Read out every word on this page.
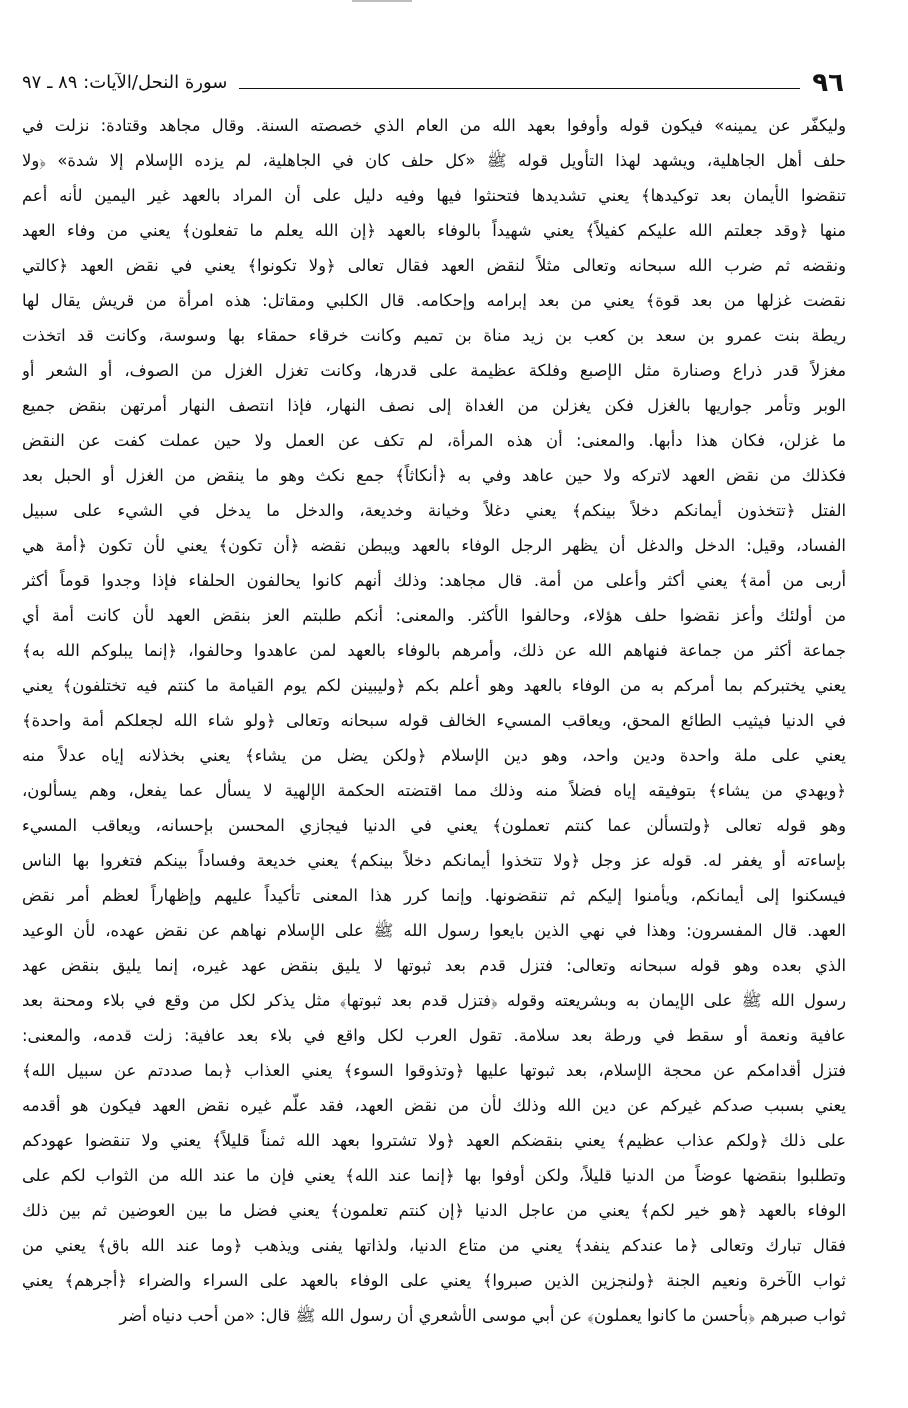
٩٦
سورة النحل/الآيات: ٨٩ ـ ٩٧
وليكفّر عن يمينه» فيكون قوله وأوفوا بعهد الله من العام الذي خصصته السنة. وقال مجاهد وقتادة: نزلت في
حلف أهل الجاهلية، ويشهد لهذا التأويل قوله ﷺ «كل حلف كان في الجاهلية، لم يزده الإسلام إلا شدة» ﴿ولا
تنقضوا الأيمان بعد توكيدها﴾ يعني تشديدها فتحنثوا فيها وفيه دليل على أن المراد بالعهد غير اليمين لأنه أعم
منها ﴿وقد جعلتم الله عليكم كفيلاً﴾ يعني شهيداً بالوفاء بالعهد ﴿إن الله يعلم ما تفعلون﴾ يعني من وفاء العهد
ونقضه ثم ضرب الله سبحانه وتعالى مثلاً لنقض العهد فقال تعالى ﴿ولا تكونوا﴾ يعني في نقض العهد ﴿كالتي
نقضت غزلها من بعد قوة﴾ يعني من بعد إبرامه وإحكامه. قال الكلبي ومقاتل: هذه امرأة من قريش يقال لها
ريطة بنت عمرو بن سعد بن كعب بن زيد مناة بن تميم وكانت خرقاء حمقاء بها وسوسة، وكانت قد اتخذت
مغزلاً قدر ذراع وصنارة مثل الإصبع وفلكة عظيمة على قدرها، وكانت تغزل الغزل من الصوف، أو الشعر أو
الوبر وتأمر جواريها بالغزل فكن يغزلن من الغداة إلى نصف النهار، فإذا انتصف النهار أمرتهن بنقض جميع
ما غزلن، فكان هذا دأبها. والمعنى: أن هذه المرأة، لم تكف عن العمل ولا حين عملت كفت عن النقض
فكذلك من نقض العهد لاتركه ولا حين عاهد وفي به ﴿أنكاثاً﴾ جمع نكث وهو ما ينقض من الغزل أو الحبل بعد
الفتل ﴿تتخذون أيمانكم دخلاً بينكم﴾ يعني دغلاً وخيانة وخديعة، والدخل ما يدخل في الشيء على سبيل
الفساد، وقيل: الدخل والدغل أن يظهر الرجل الوفاء بالعهد ويبطن نقضه ﴿أن تكون﴾ يعني لأن تكون ﴿أمة هي
أربى من أمة﴾ يعني أكثر وأعلى من أمة. قال مجاهد: وذلك أنهم كانوا يحالفون الحلفاء فإذا وجدوا قوماً أكثر
من أولئك وأعز نقضوا حلف هؤلاء، وحالفوا الأكثر. والمعنى: أنكم طلبتم العز بنقض العهد لأن كانت أمة أي
جماعة أكثر من جماعة فنهاهم الله عن ذلك، وأمرهم بالوفاء بالعهد لمن عاهدوا وحالفوا، ﴿إنما يبلوكم الله به﴾
يعني يختبركم بما أمركم به من الوفاء بالعهد وهو أعلم بكم ﴿وليبينن لكم يوم القيامة ما كنتم فيه تختلفون﴾ يعني
في الدنيا فيثيب الطائع المحق، ويعاقب المسيء الخالف قوله سبحانه وتعالى ﴿ولو شاء الله لجعلكم أمة واحدة﴾
يعني على ملة واحدة ودين واحد، وهو دين الإسلام ﴿ولكن يضل من يشاء﴾ يعني بخذلانه إياه عدلاً منه
﴿ويهدي من يشاء﴾ بتوفيقه إياه فضلاً منه وذلك مما اقتضته الحكمة الإلهية لا يسأل عما يفعل، وهم يسألون،
وهو قوله تعالى ﴿ولتسألن عما كنتم تعملون﴾ يعني في الدنيا فيجازي المحسن بإحسانه، ويعاقب المسيء
بإساءته أو يغفر له. قوله عز وجل ﴿ولا تتخذوا أيمانكم دخلاً بينكم﴾ يعني خديعة وفساداً بينكم فتغروا بها الناس
فيسكنوا إلى أيمانكم، ويأمنوا إليكم ثم تنقضونها. وإنما كرر هذا المعنى تأكيداً عليهم وإظهاراً لعظم أمر نقض
العهد. قال المفسرون: وهذا في نهي الذين بايعوا رسول الله ﷺ على الإسلام نهاهم عن نقض عهده، لأن الوعيد
الذي بعده وهو قوله سبحانه وتعالى: فتزل قدم بعد ثبوتها لا يليق بنقض عهد غيره، إنما يليق بنقض عهد
رسول الله ﷺ على الإيمان به وبشريعته وقوله ﴿فتزل قدم بعد ثبوتها﴾ مثل يذكر لكل من وقع في بلاء ومحنة بعد
عافية ونعمة أو سقط في ورطة بعد سلامة. تقول العرب لكل واقع في بلاء بعد عافية: زلت قدمه، والمعنى:
فتزل أقدامكم عن محجة الإسلام، بعد ثبوتها عليها ﴿وتذوقوا السوء﴾ يعني العذاب ﴿بما صددتم عن سبيل الله﴾
يعني بسبب صدكم غيركم عن دين الله وذلك لأن من نقض العهد، فقد علّم غيره نقض العهد فيكون هو أقدمه
على ذلك ﴿ولكم عذاب عظيم﴾ يعني بنقضكم العهد ﴿ولا تشتروا بعهد الله ثمناً قليلاً﴾ يعني ولا تنقضوا عهودكم
وتطلبوا بنقضها عوضاً من الدنيا قليلاً، ولكن أوفوا بها ﴿إنما عند الله﴾ يعني فإن ما عند الله من الثواب لكم على
الوفاء بالعهد ﴿هو خير لكم﴾ يعني من عاجل الدنيا ﴿إن كنتم تعلمون﴾ يعني فضل ما بين العوضين ثم بين ذلك
فقال تبارك وتعالى ﴿ما عندكم ينفد﴾ يعني من متاع الدنيا، ولذاتها يفنى ويذهب ﴿وما عند الله باق﴾ يعني من
ثواب الآخرة ونعيم الجنة ﴿ولنجزين الذين صبروا﴾ يعني على الوفاء بالعهد على السراء والضراء ﴿أجرهم﴾ يعني
ثواب صبرهم ﴿بأحسن ما كانوا يعملون﴾ عن أبي موسى الأشعري أن رسول الله ﷺ قال: «من أحب دنياه أضر
